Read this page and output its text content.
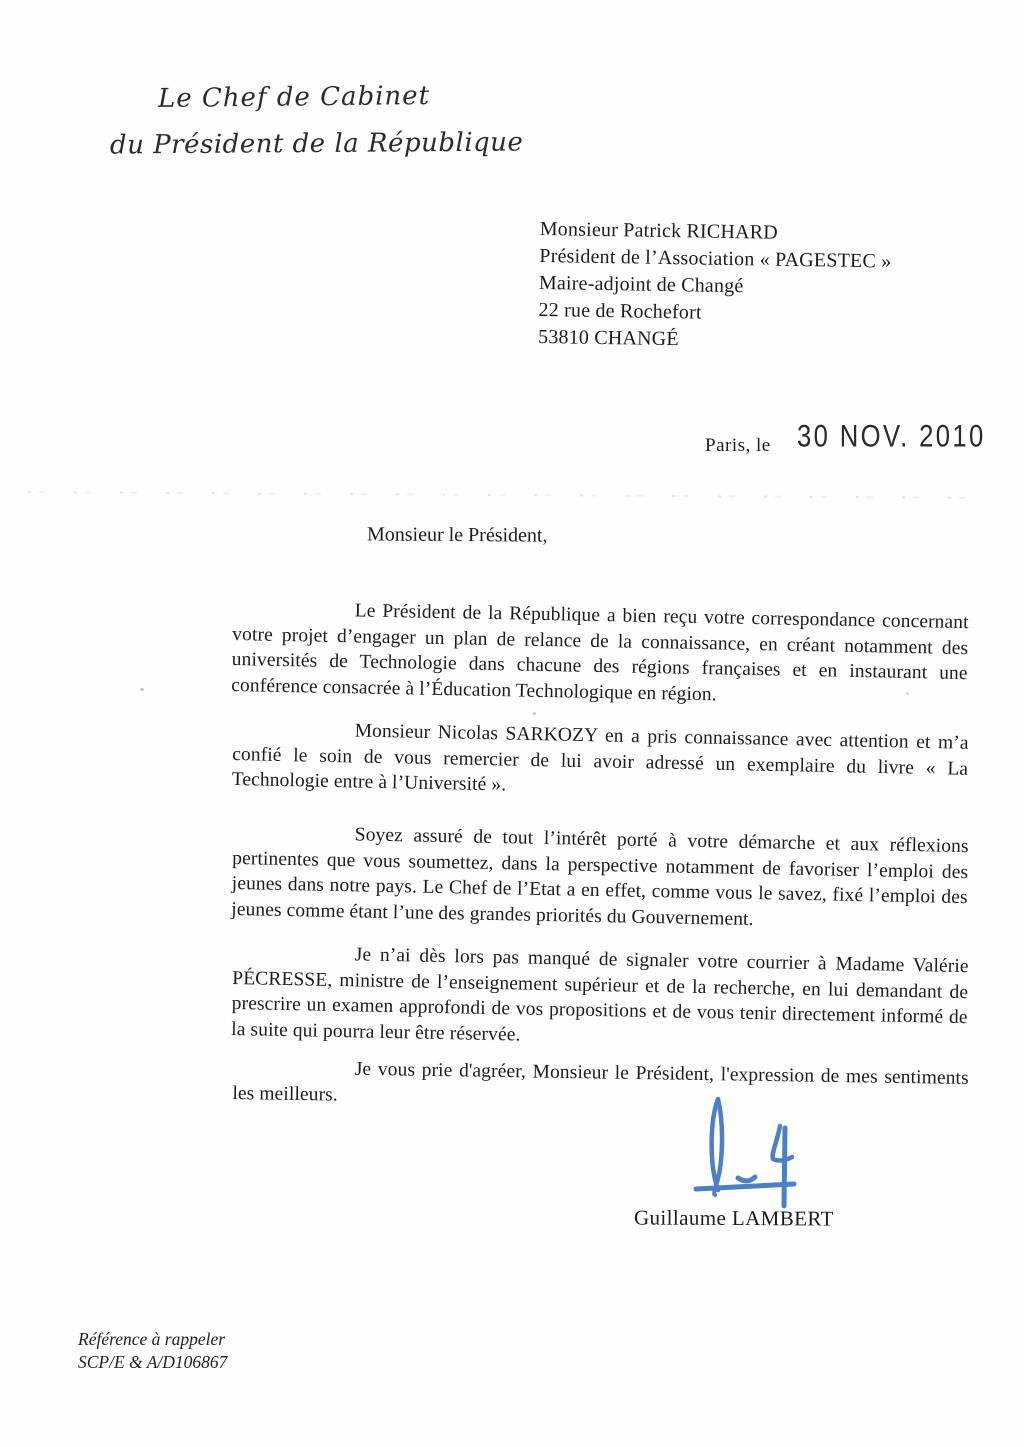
Le Chef de Cabinet
du Président de la République
Monsieur Patrick RICHARD
Président de l’Association « PAGESTEC »
Maire-adjoint de Changé
22 rue de Rochefort
53810 CHANGÉ
Paris, le 30 NOV. 2010
Monsieur le Président,

Le Président de la République a bien reçu votre correspondance concernant votre projet d’engager un plan de relance de la connaissance, en créant notamment des universités de Technologie dans chacune des régions françaises et en instaurant une conférence consacrée à l’Éducation Technologique en région.

Monsieur Nicolas SARKOZY en a pris connaissance avec attention et m’a confié le soin de vous remercier de lui avoir adressé un exemplaire du livre « La Technologie entre à l’Université ».

Soyez assuré de tout l’intérêt porté à votre démarche et aux réflexions pertinentes que vous soumettez, dans la perspective notamment de favoriser l’emploi des jeunes dans notre pays. Le Chef de l’Etat a en effet, comme vous le savez, fixé l’emploi des jeunes comme étant l’une des grandes priorités du Gouvernement.

Je n’ai dès lors pas manqué de signaler votre courrier à Madame Valérie PÉCRESSE, ministre de l’enseignement supérieur et de la recherche, en lui demandant de prescrire un examen approfondi de vos propositions et de vous tenir directement informé de la suite qui pourra leur être réservée.

Je vous prie d'agréer, Monsieur le Président, l'expression de mes sentiments les meilleurs.

Guillaume LAMBERT
Référence à rappeler
SCP/E & A/D106867
